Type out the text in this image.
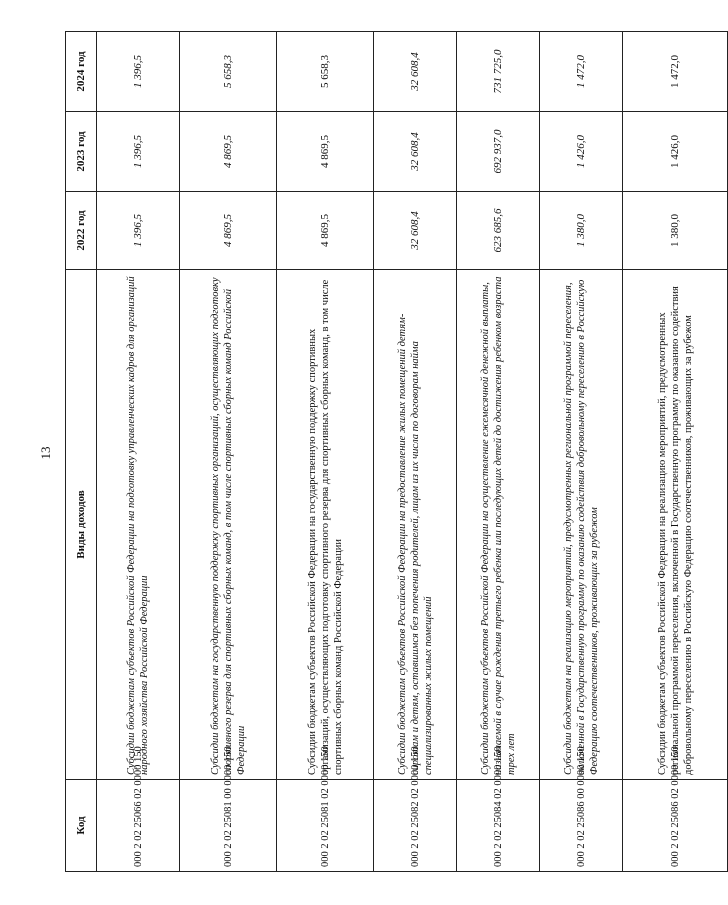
13
Код	Виды доходов	2022 год	2023 год	2024 год
000 2 02 25066 02 0000 150	Субсидии бюджетам субъектов Российской Федерации на подготовку управленческих кадров для организаций народного хозяйства Российской Федерации	1 396,5	1 396,5	1 396,5
000 2 02 25081 00 0000 150	Субсидии бюджетам на государственную поддержку спортивных организаций, осуществляющих подготовку спортивного резерва для спортивных сборных команд, в том числе спортивных сборных команд Российской Федерации	4 869,5	4 869,5	5 658,3
000 2 02 25081 02 0000 150	Субсидии бюджетам субъектов Российской Федерации на государственную поддержку спортивных организаций, осуществляющих подготовку спортивного резерва для спортивных сборных команд, в том числе спортивных сборных команд Российской Федерации	4 869,5	4 869,5	5 658,3
000 2 02 25082 02 0000 150	Субсидии бюджетам субъектов Российской Федерации на предоставление жилых помещений детям-сиротам и детям, оставшимся без попечения родителей, лицам из их числа по договорам найма специализированных жилых помещений	32 608,4	32 608,4	32 608,4
000 2 02 25084 02 0000 150	Субсидии бюджетам субъектов Российской Федерации на осуществление ежемесячной денежной выплаты, назначаемой в случае рождения третьего ребенка или последующих детей до достижения ребенком возраста трех лет	623 685,6	692 937,0	731 725,0
000 2 02 25086 00 0000 150	Субсидии бюджетам на реализацию мероприятий, предусмотренных региональной программой переселения, включенной в Государственную программу по оказанию содействия добровольному переселению в Российскую Федерацию соотечественников, проживающих за рубежом	1 380,0	1 426,0	1 472,0
000 2 02 25086 02 0000 150	Субсидии бюджетам субъектов Российской Федерации на реализацию мероприятий, предусмотренных региональной программой переселения, включенной в Государственную программу по оказанию содействия добровольному переселению в Российскую Федерацию соотечественников, проживающих за рубежом	1 380,0	1 426,0	1 472,0
